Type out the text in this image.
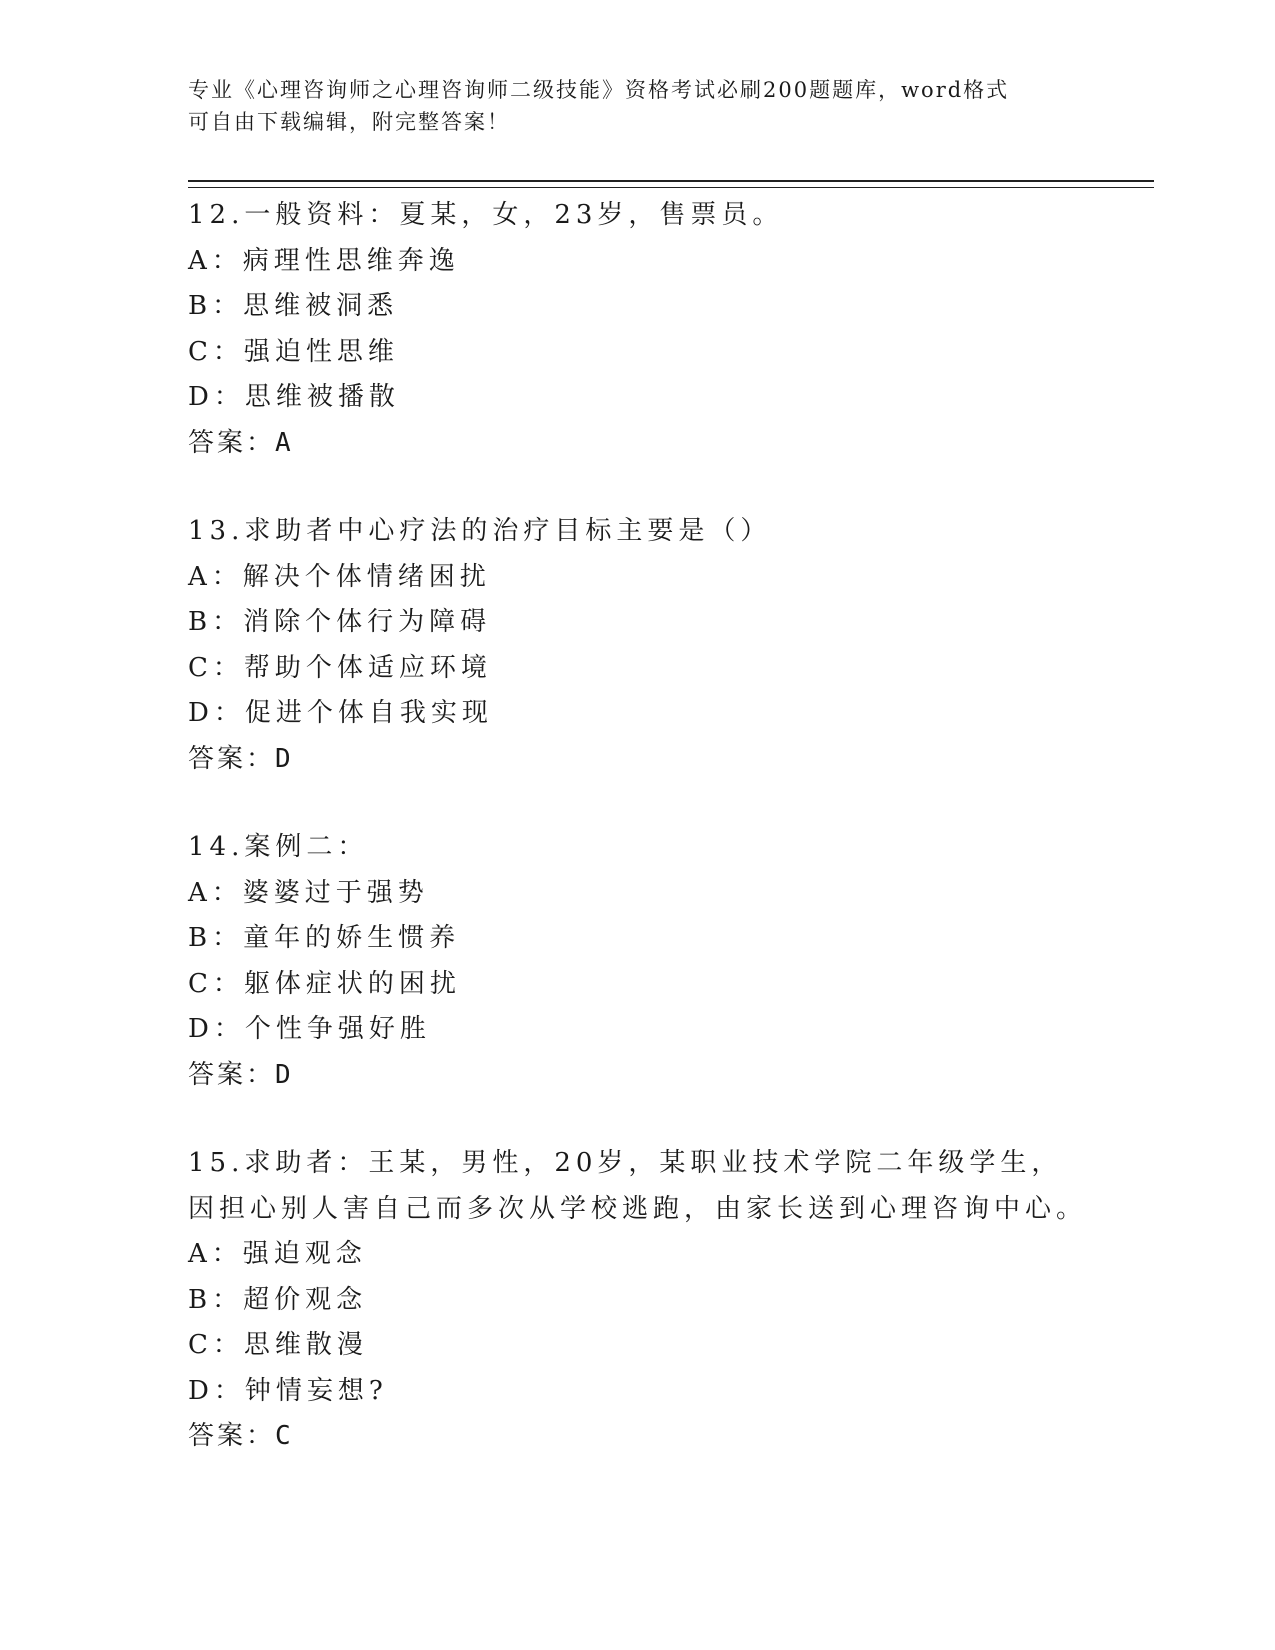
专业《心理咨询师之心理咨询师二级技能》资格考试必刷200题题库，word格式
可自由下载编辑，附完整答案！
12.一般资料：夏某，女，23岁，售票员。
A：病理性思维奔逸
B：思维被洞悉
C：强迫性思维
D：思维被播散
答案：A
13.求助者中心疗法的治疗目标主要是（）
A：解决个体情绪困扰
B：消除个体行为障碍
C：帮助个体适应环境
D：促进个体自我实现
答案：D
14.案例二：
A：婆婆过于强势
B：童年的娇生惯养
C：躯体症状的困扰
D：个性争强好胜
答案：D
15.求助者：王某，男性，20岁，某职业技术学院二年级学生，因担心别人害自己而多次从学校逃跑，由家长送到心理咨询中心。
A：强迫观念
B：超价观念
C：思维散漫
D：钟情妄想?
答案：C
